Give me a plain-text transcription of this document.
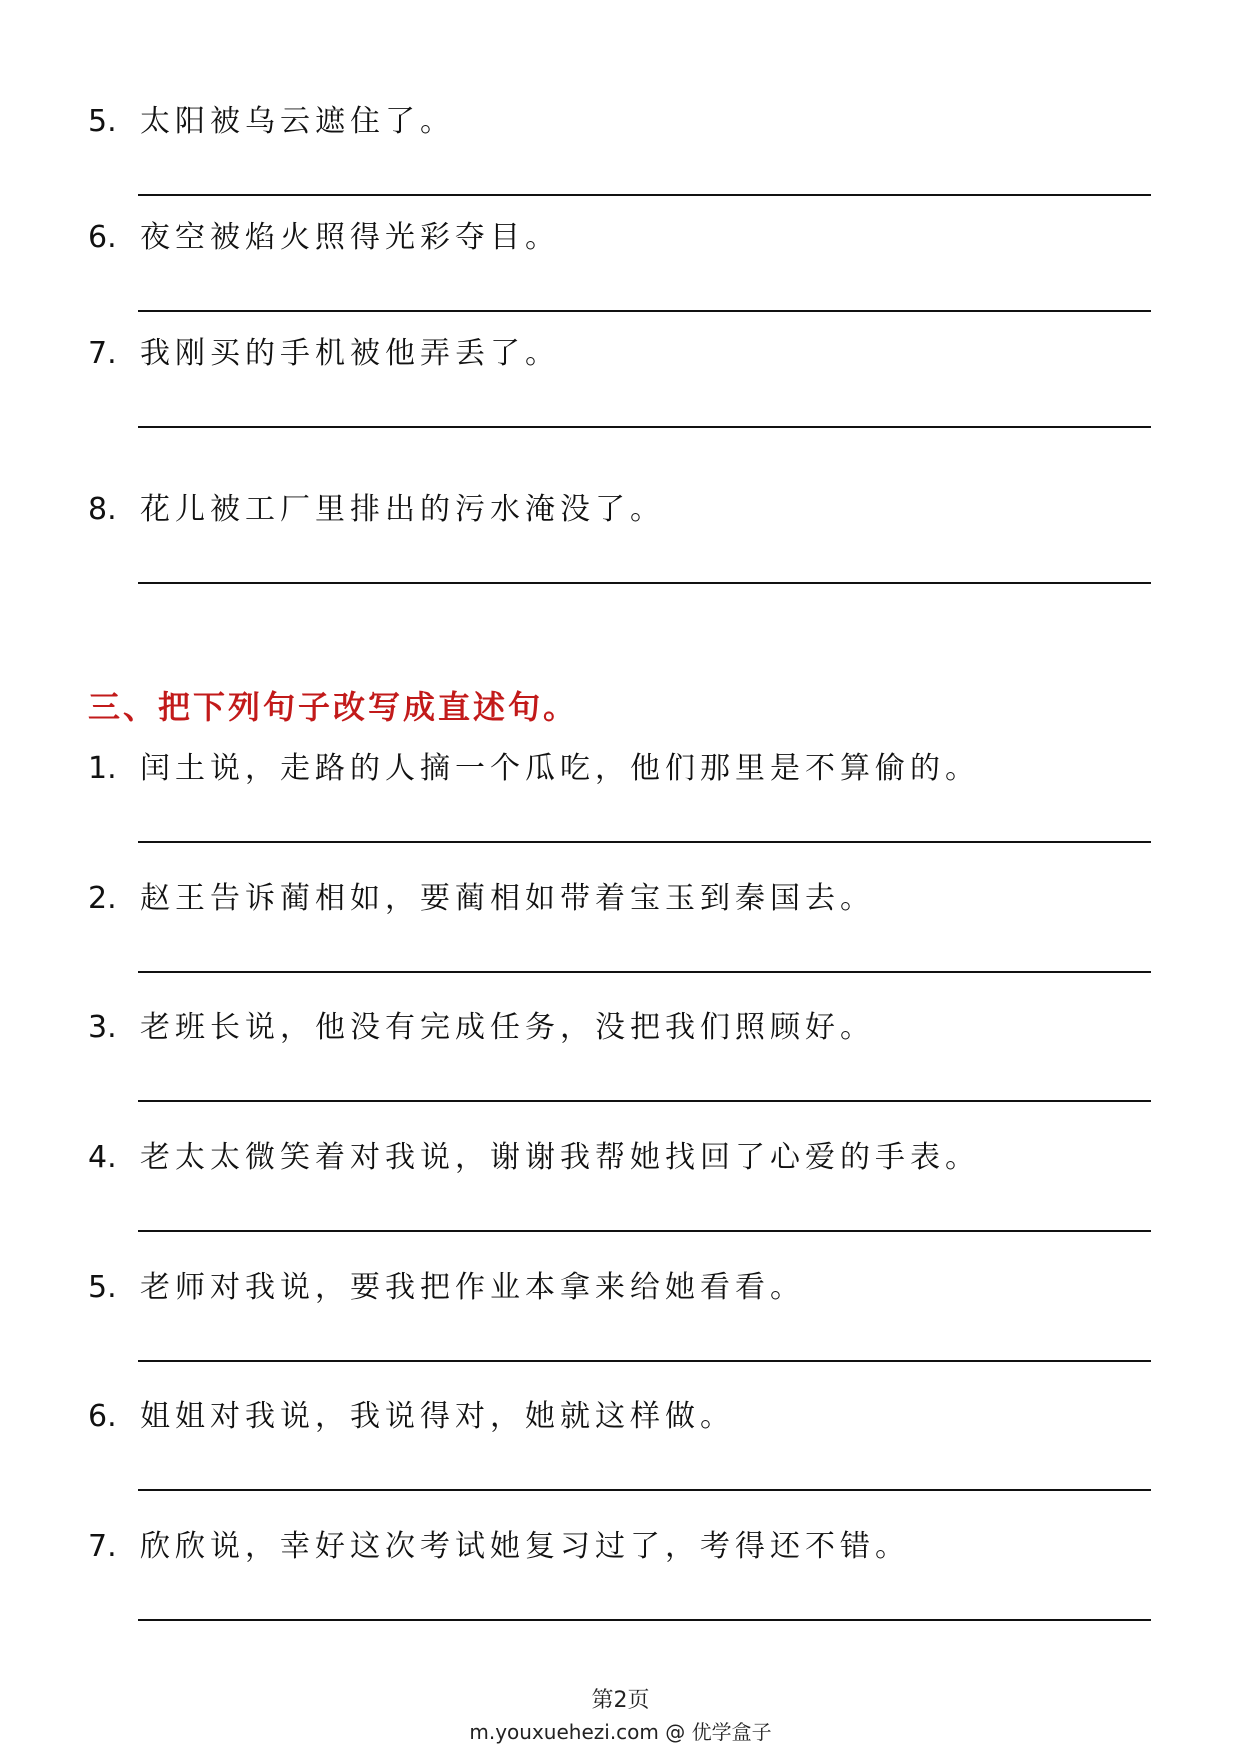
5. 太阳被乌云遮住了。
6. 夜空被焰火照得光彩夺目。
7. 我刚买的手机被他弄丢了。
8. 花儿被工厂里排出的污水淹没了。
三、把下列句子改写成直述句。
1. 闰土说，走路的人摘一个瓜吃，他们那里是不算偷的。
2. 赵王告诉蔺相如，要蔺相如带着宝玉到秦国去。
3. 老班长说，他没有完成任务，没把我们照顾好。
4. 老太太微笑着对我说，谢谢我帮她找回了心爱的手表。
5. 老师对我说，要我把作业本拿来给她看看。
6. 姐姐对我说，我说得对，她就这样做。
7. 欣欣说，幸好这次考试她复习过了，考得还不错。
第2页
m.youxuehezi.com @ 优学盒子
